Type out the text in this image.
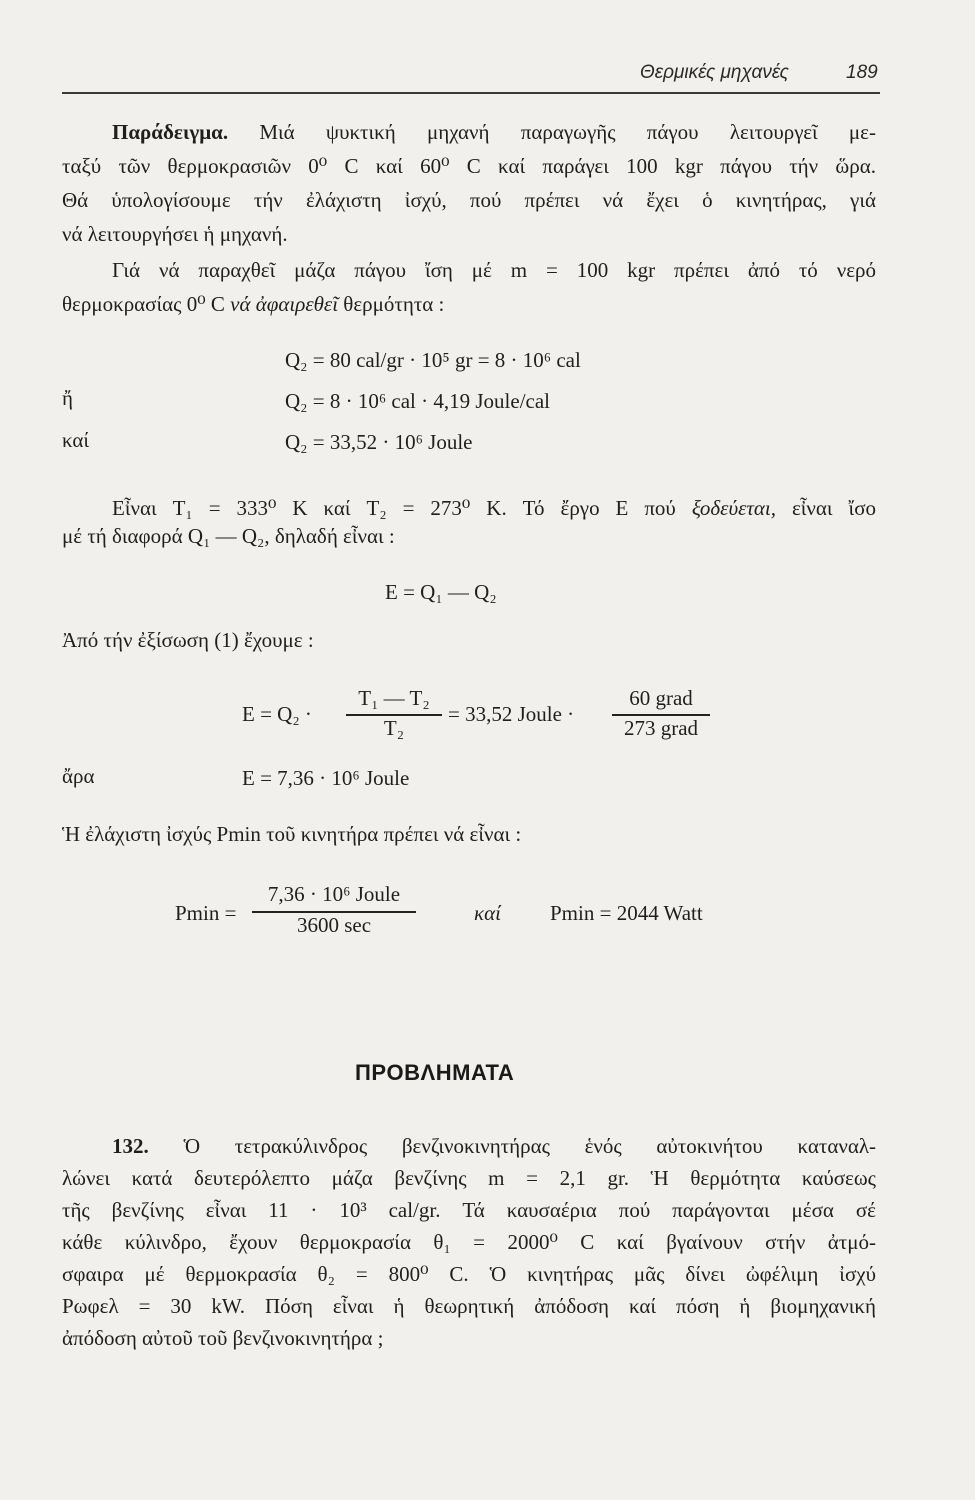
Θερμικές μηχανές	189
Παράδειγμα. Μιά ψυκτική μηχανή παραγωγῆς πάγου λειτουργεῖ με-
ταξύ τῶν θερμοκρασιῶν 0⁰ C καί 60⁰ C καί παράγει 100 kgr πάγου τήν ὥρα.
Θά ὑπολογίσουμε τήν ἐλάχιστη ἰσχύ, πού πρέπει νά ἔχει ὁ κινητήρας, γιά
νά λειτουργήσει ἡ μηχανή.
Γιά νά παραχθεῖ μάζα πάγου ἴση μέ m = 100 kgr πρέπει ἀπό τό νερό
θερμοκρασίας 0⁰ C νά ἀφαιρεθεῖ θερμότητα :
Q₂ = 80 cal/gr · 10⁵ gr = 8 · 10⁶ cal
ἤ	Q₂ = 8 · 10⁶ cal · 4,19 Joule/cal
καί	Q₂ = 33,52 · 10⁶ Joule
Εἶναι T₁ = 333⁰ K καί T₂ = 273⁰ K. Τό ἔργο E πού ξοδεύεται, εἶναι ἴσο
μέ τή διαφορά Q₁ — Q₂, δηλαδή εἶναι :
E = Q₁ — Q₂
Ἀπό τήν ἐξίσωση (1) ἔχουμε :
E = Q₂ ·
T₁ — T₂
T₂
= 33,52 Joule ·
60 grad
273 grad
ἄρα	E = 7,36 · 10⁶ Joule
Ἡ ἐλάχιστη ἰσχύς Pmin τοῦ κινητήρα πρέπει νά εἶναι :
Pmin =
7,36 · 10⁶ Joule
3600 sec	καί Pmin = 2044 Watt
ΠΡΟΒΛΗΜΑΤΑ
132. Ὁ τετρακύλινδρος βενζινοκινητήρας ἑνός αὐτοκινήτου καταναλ-
λώνει κατά δευτερόλεπτο μάζα βενζίνης m = 2,1 gr. Ἡ θερμότητα καύσεως
τῆς βενζίνης εἶναι 11 · 10³ cal/gr. Τά καυσαέρια πού παράγονται μέσα σέ
κάθε κύλινδρο, ἔχουν θερμοκρασία θ₁ = 2000⁰ C καί βγαίνουν στήν ἀτμό-
σφαιρα μέ θερμοκρασία θ₂ = 800⁰ C. Ὁ κινητήρας μᾶς δίνει ὠφέλιμη ἰσχύ
Pωφελ = 30 kW. Πόση εἶναι ἡ θεωρητική ἀπόδοση καί πόση ἡ βιομηχανική
ἀπόδοση αὐτοῦ τοῦ βενζινοκινητήρα ;
